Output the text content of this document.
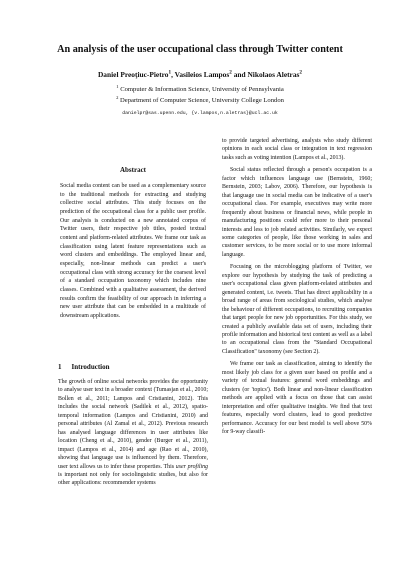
An analysis of the user occupational class through Twitter content
Daniel Preoţiuc-Pietro$^1$, Vasileios Lampos$^2$ and Nikolaos Aletras$^2$
$^1$ Computer & Information Science, University of Pennsylvania
$^2$ Department of Computer Science, University College London
danielpr@sas.upenn.edu, {v.lampos,n.aletras}@ucl.ac.uk
Abstract

Social media content can be used as a complementary source to the traditional methods for extracting and studying collective social attributes. This study focuses on the prediction of the occupational class for a public user profile. Our analysis is conducted on a new annotated corpus of Twitter users, their respective job titles, posted textual content and platform-related attributes. We frame our task as classification using latent feature representations such as word clusters and embeddings. The employed linear and, especially, non-linear methods can predict a user's occupational class with strong accuracy for the coarsest level of a standard occupation taxonomy which includes nine classes. Combined with a qualitative assessment, the derived results confirm the feasibility of our approach in inferring a new user attribute that can be embedded in a multitude of downstream applications.

1 Introduction

The growth of online social networks provides the opportunity to analyse user text in a broader context (Tumasjan et al., 2010; Bollen et al., 2011; Lampos and Cristianini, 2012). This includes the social network (Sadilek et al., 2012), spatio-temporal information (Lampos and Cristianini, 2010) and personal attributes (Al Zamal et al., 2012). Previous research has analysed language differences in user attributes like location (Cheng et al., 2010), gender (Burger et al., 2011), impact (Lampos et al., 2014) and age (Rao et al., 2010), showing that language use is influenced by them. Therefore, user text allows us to infer these properties. This user profiling is important not only for sociolinguistic studies, but also for other applications: recommender systems

to provide targeted advertising, analysts who study different opinions in each social class or integration in text regression tasks such as voting intention (Lampos et al., 2013).

Social status reflected through a person's occupation is a factor which influences language use (Bernstein, 1960; Bernstein, 2003; Labov, 2006). Therefore, our hypothesis is that language use in social media can be indicative of a user's occupational class. For example, executives may write more frequently about business or financial news, while people in manufacturing positions could refer more to their personal interests and less to job related activities. Similarly, we expect some categories of people, like those working in sales and customer services, to be more social or to use more informal language.

Focusing on the microblogging platform of Twitter, we explore our hypothesis by studying the task of predicting a user's occupational class given platform-related attributes and generated content, i.e. tweets. That has direct applicability in a broad range of areas from sociological studies, which analyse the behaviour of different occupations, to recruiting companies that target people for new job opportunities. For this study, we created a publicly available data set of users, including their profile information and historical text content as well as a label to an occupational class from the "Standard Occupational Classification" taxonomy (see Section 2).

We frame our task as classification, aiming to identify the most likely job class for a given user based on profile and a variety of textual features: general word embeddings and clusters (or 'topics'). Both linear and non-linear classification methods are applied with a focus on those that can assist interpretation and offer qualitative insights. We find that text features, especially word clusters, lead to good predictive performance. Accuracy for our best model is well above 50% for 9-way classifi-
